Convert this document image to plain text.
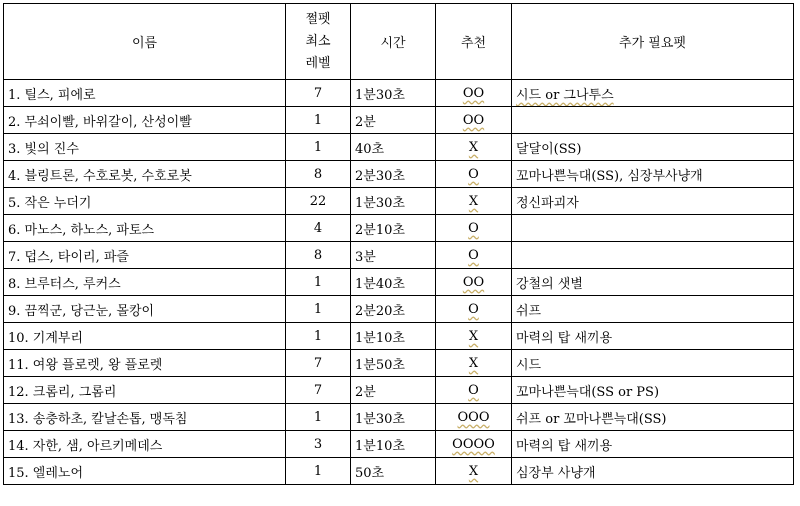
이름	쩔펫
최소
레벨	시간	추천	추가 필요펫
1. 틸스, 피에로	7	1분30초	OO	시드 or 그나투스
2. 무쇠이빨, 바위갈이, 산성이빨	1	2분	OO	
3. 빛의 진수	1	40초	X	달달이(SS)
4. 블링트론, 수호로봇, 수호로봇	8	2분30초	O	꼬마나쁜늑대(SS), 심장부사냥개
5. 작은 누더기	22	1분30초	X	정신파괴자
6. 마노스, 하노스, 파토스	4	2분10초	O	
7. 덥스, 타이리, 파즐	8	3분	O	
8. 브루터스, 루커스	1	1분40초	OO	강철의 샛별
9. 끔찍군, 당근눈, 몰캉이	1	2분20초	O	쉬프
10. 기계부리	1	1분10초	X	마력의 탑 새끼용
11. 여왕 플로렛, 왕 플로렛	7	1분50초	X	시드
12. 크롬리, 그롬리	7	2분	O	꼬마나쁜늑대(SS or PS)
13. 송충하초, 칼날손톱, 맹독침	1	1분30초	OOO	쉬프 or 꼬마나쁜늑대(SS)
14. 자한, 샘, 아르키메데스	3	1분10초	OOOO	마력의 탑 새끼용
15. 엘레노어	1	50초	X	심장부 사냥개
